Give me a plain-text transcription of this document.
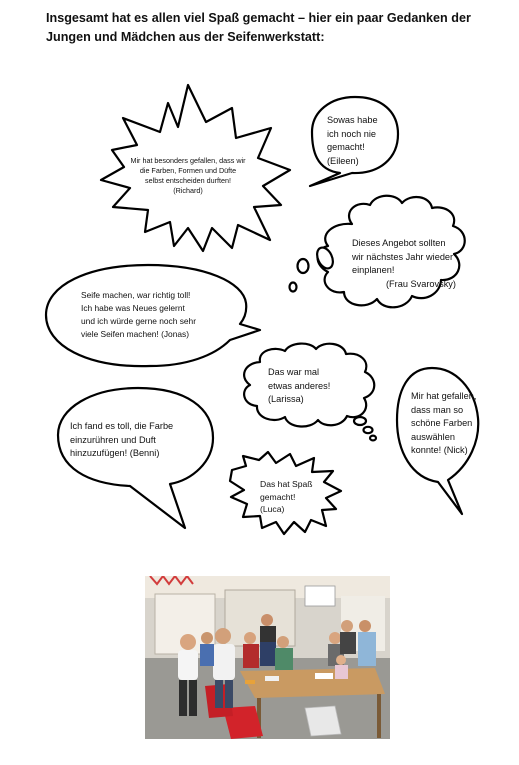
Insgesamt hat es allen viel Spaß gemacht – hier ein paar Gedanken der
Jungen und Mädchen aus der Seifenwerkstatt:

Mir hat besonders gefallen, dass wir
die Farben, Formen und Düfte
selbst entscheiden durften!
(Richard)

Sowas habe
ich noch nie
gemacht!
(Eileen)

Dieses Angebot sollten
wir nächstes Jahr wieder
einplanen!
(Frau Svarovsky)

Seife machen, war richtig toll!
Ich habe was Neues gelernt
und ich würde gerne noch sehr
viele Seifen machen! (Jonas)

Das war mal
etwas anderes!
(Larissa)	Mir hat gefallen,
dass man so
schöne Farben
auswählen
konnte! (Nick)

Ich fand es toll, die Farbe
einzurühren und Duft
hinzuzufügen! (Benni)

Das hat Spaß
gemacht!
(Luca)
